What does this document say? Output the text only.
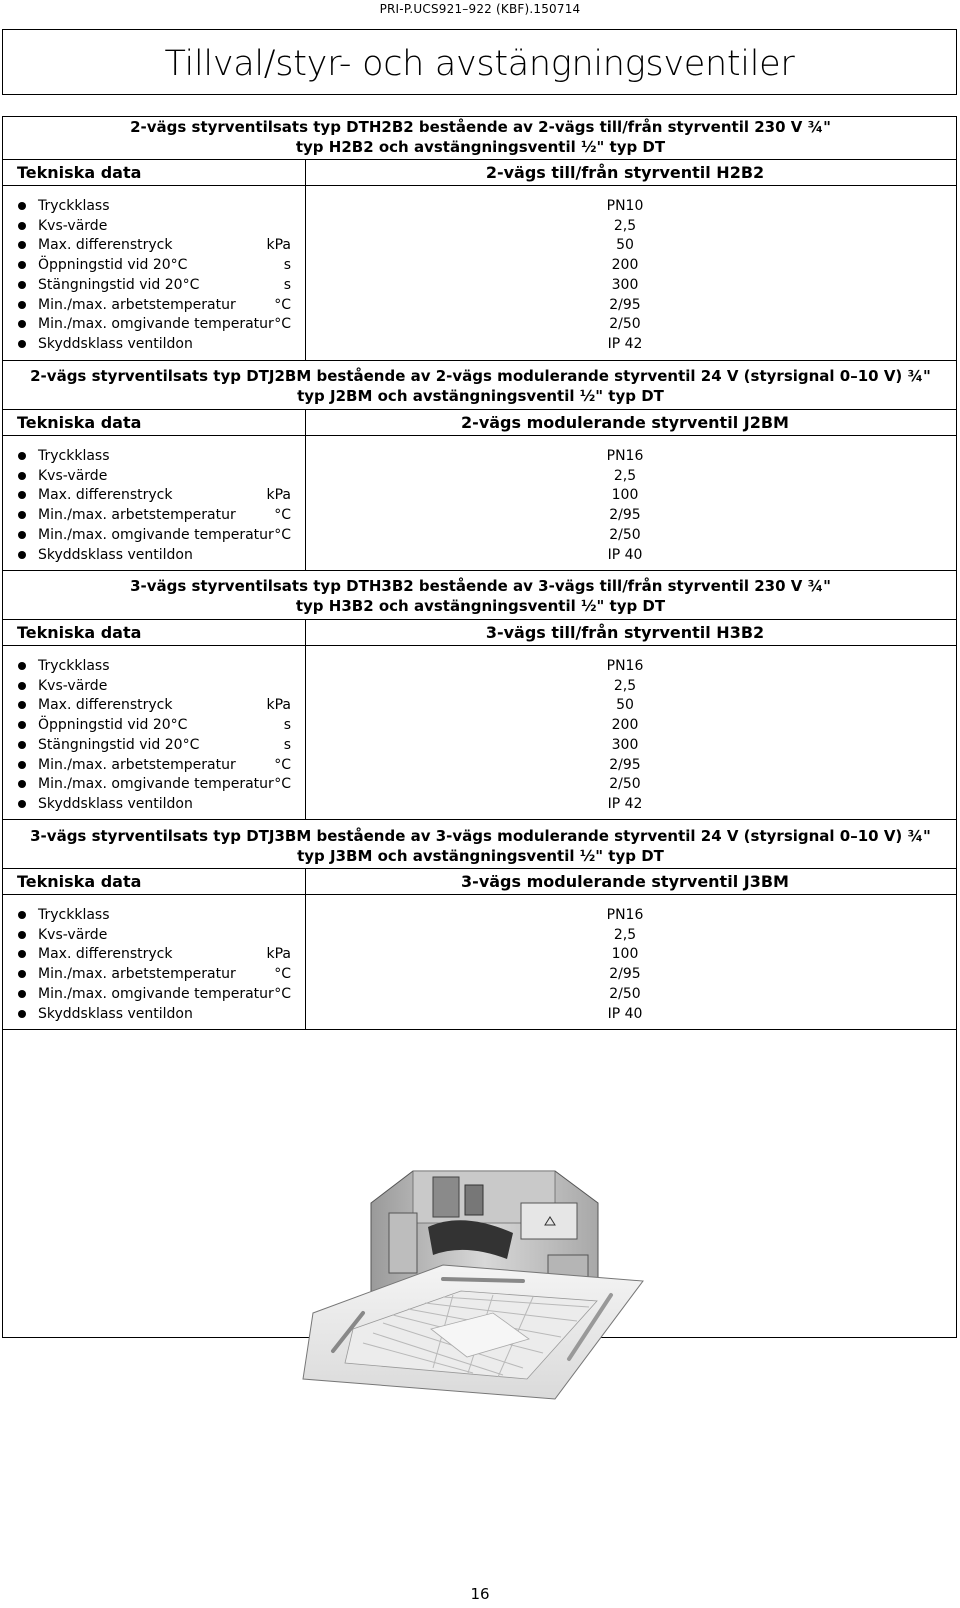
PRI-P.UCS921–922 (KBF).150714
Tillval/styr- och avstängningsventiler
2-vägs styrventilsats typ DTH2B2 bestående av 2-vägs till/från styrventil 230 V ¾"
typ H2B2 och avstängningsventil ½" typ DT
Tekniska data	2-vägs till/från styrventil H2B2
Tryckklass	PN10
Kvs-värde	2,5
Max. differenstryck	kPa	50
Öppningstid vid 20°C	s	200
Stängningstid vid 20°C	s	300
Min./max. arbetstemperatur	°C	2/95
Min./max. omgivande temperatur °C	2/50
Skyddsklass ventildon	IP 42
2-vägs styrventilsats typ DTJ2BM bestående av 2-vägs modulerande styrventil 24 V (styrsignal 0–10 V) ¾"
typ J2BM och avstängningsventil ½" typ DT
Tekniska data	2-vägs modulerande styrventil J2BM
Tryckklass	PN16
Kvs-värde	2,5
Max. differenstryck	kPa	100
Min./max. arbetstemperatur	°C	2/95
Min./max. omgivande temperatur °C	2/50
Skyddsklass ventildon	IP 40
3-vägs styrventilsats typ DTH3B2 bestående av 3-vägs till/från styrventil 230 V ¾"
typ H3B2 och avstängningsventil ½" typ DT
Tekniska data	3-vägs till/från styrventil H3B2
Tryckklass	PN16
Kvs-värde	2,5
Max. differenstryck	kPa	50
Öppningstid vid 20°C	s	200
Stängningstid vid 20°C	s	300
Min./max. arbetstemperatur	°C	2/95
Min./max. omgivande temperatur °C	2/50
Skyddsklass ventildon	IP 42
3-vägs styrventilsats typ DTJ3BM bestående av 3-vägs modulerande styrventil 24 V (styrsignal 0–10 V) ¾"
typ J3BM och avstängningsventil ½" typ DT
Tekniska data	3-vägs modulerande styrventil J3BM
Tryckklass	PN16
Kvs-värde	2,5
Max. differenstryck	kPa	100
Min./max. arbetstemperatur	°C	2/95
Min./max. omgivande temperatur °C	2/50
Skyddsklass ventildon	IP 40
16
